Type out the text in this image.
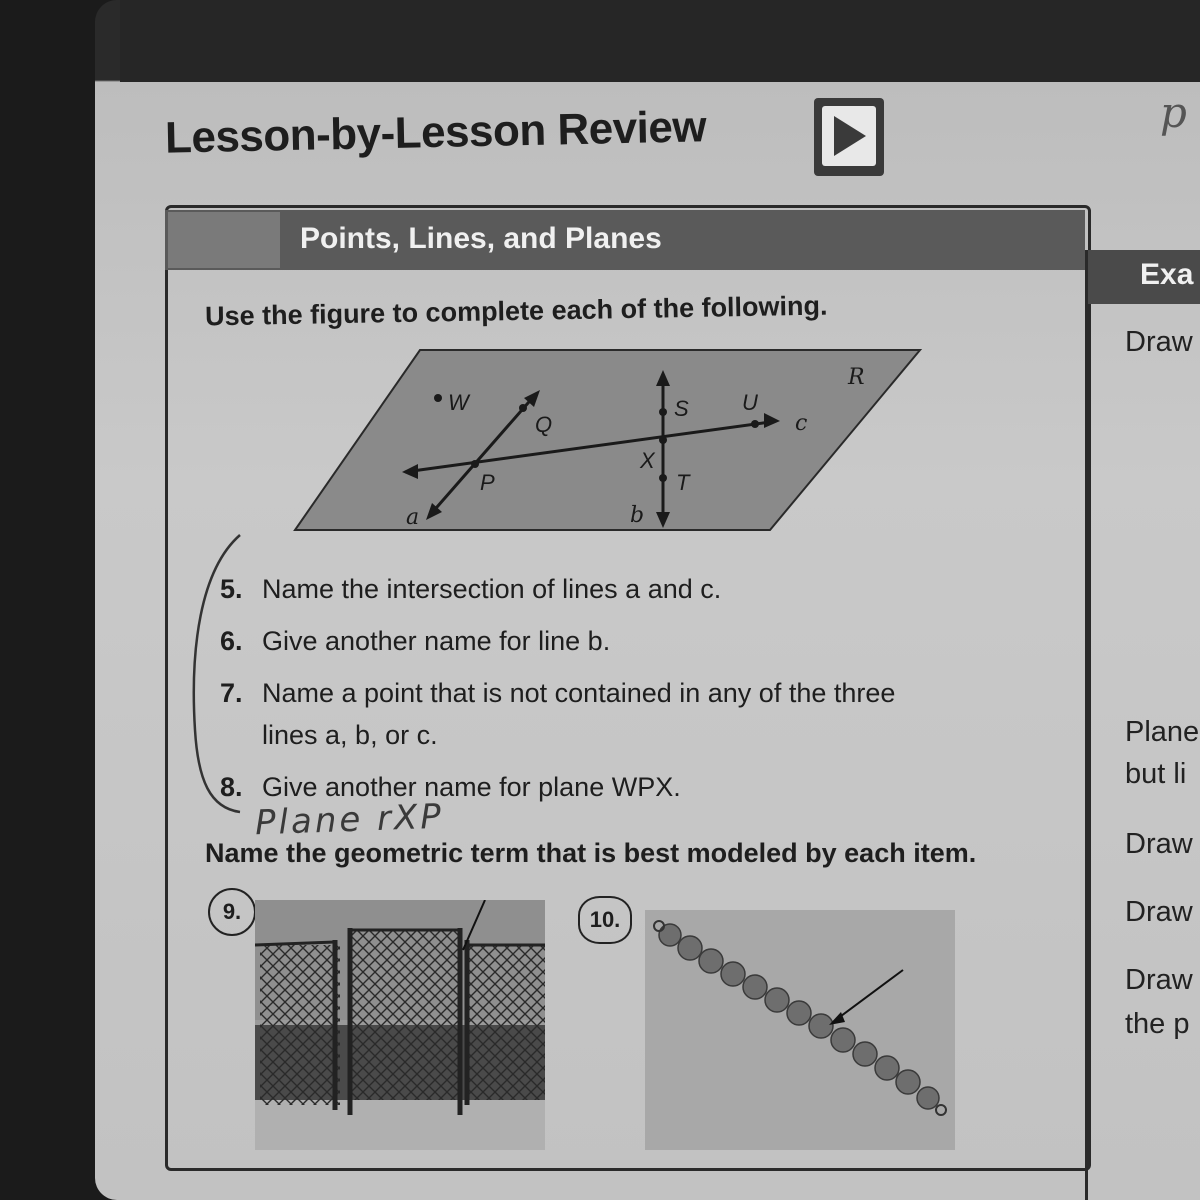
Lesson-by-Lesson Review	p
Points, Lines, and Planes
Exa
Draw
Plane
but li
Draw
Draw
Draw
the p
Use the figure to complete each of the following.
R
W
Q
S U
c
P
X
T
a	b
5. Name the intersection of lines a and c.
6. Give another name for line b.
7. Name a point that is not contained in any of the three
lines a, b, or c.
8. Give another name for plane WPX.
Plane rXP
Name the geometric term that is best modeled by each item.
9.	10.
